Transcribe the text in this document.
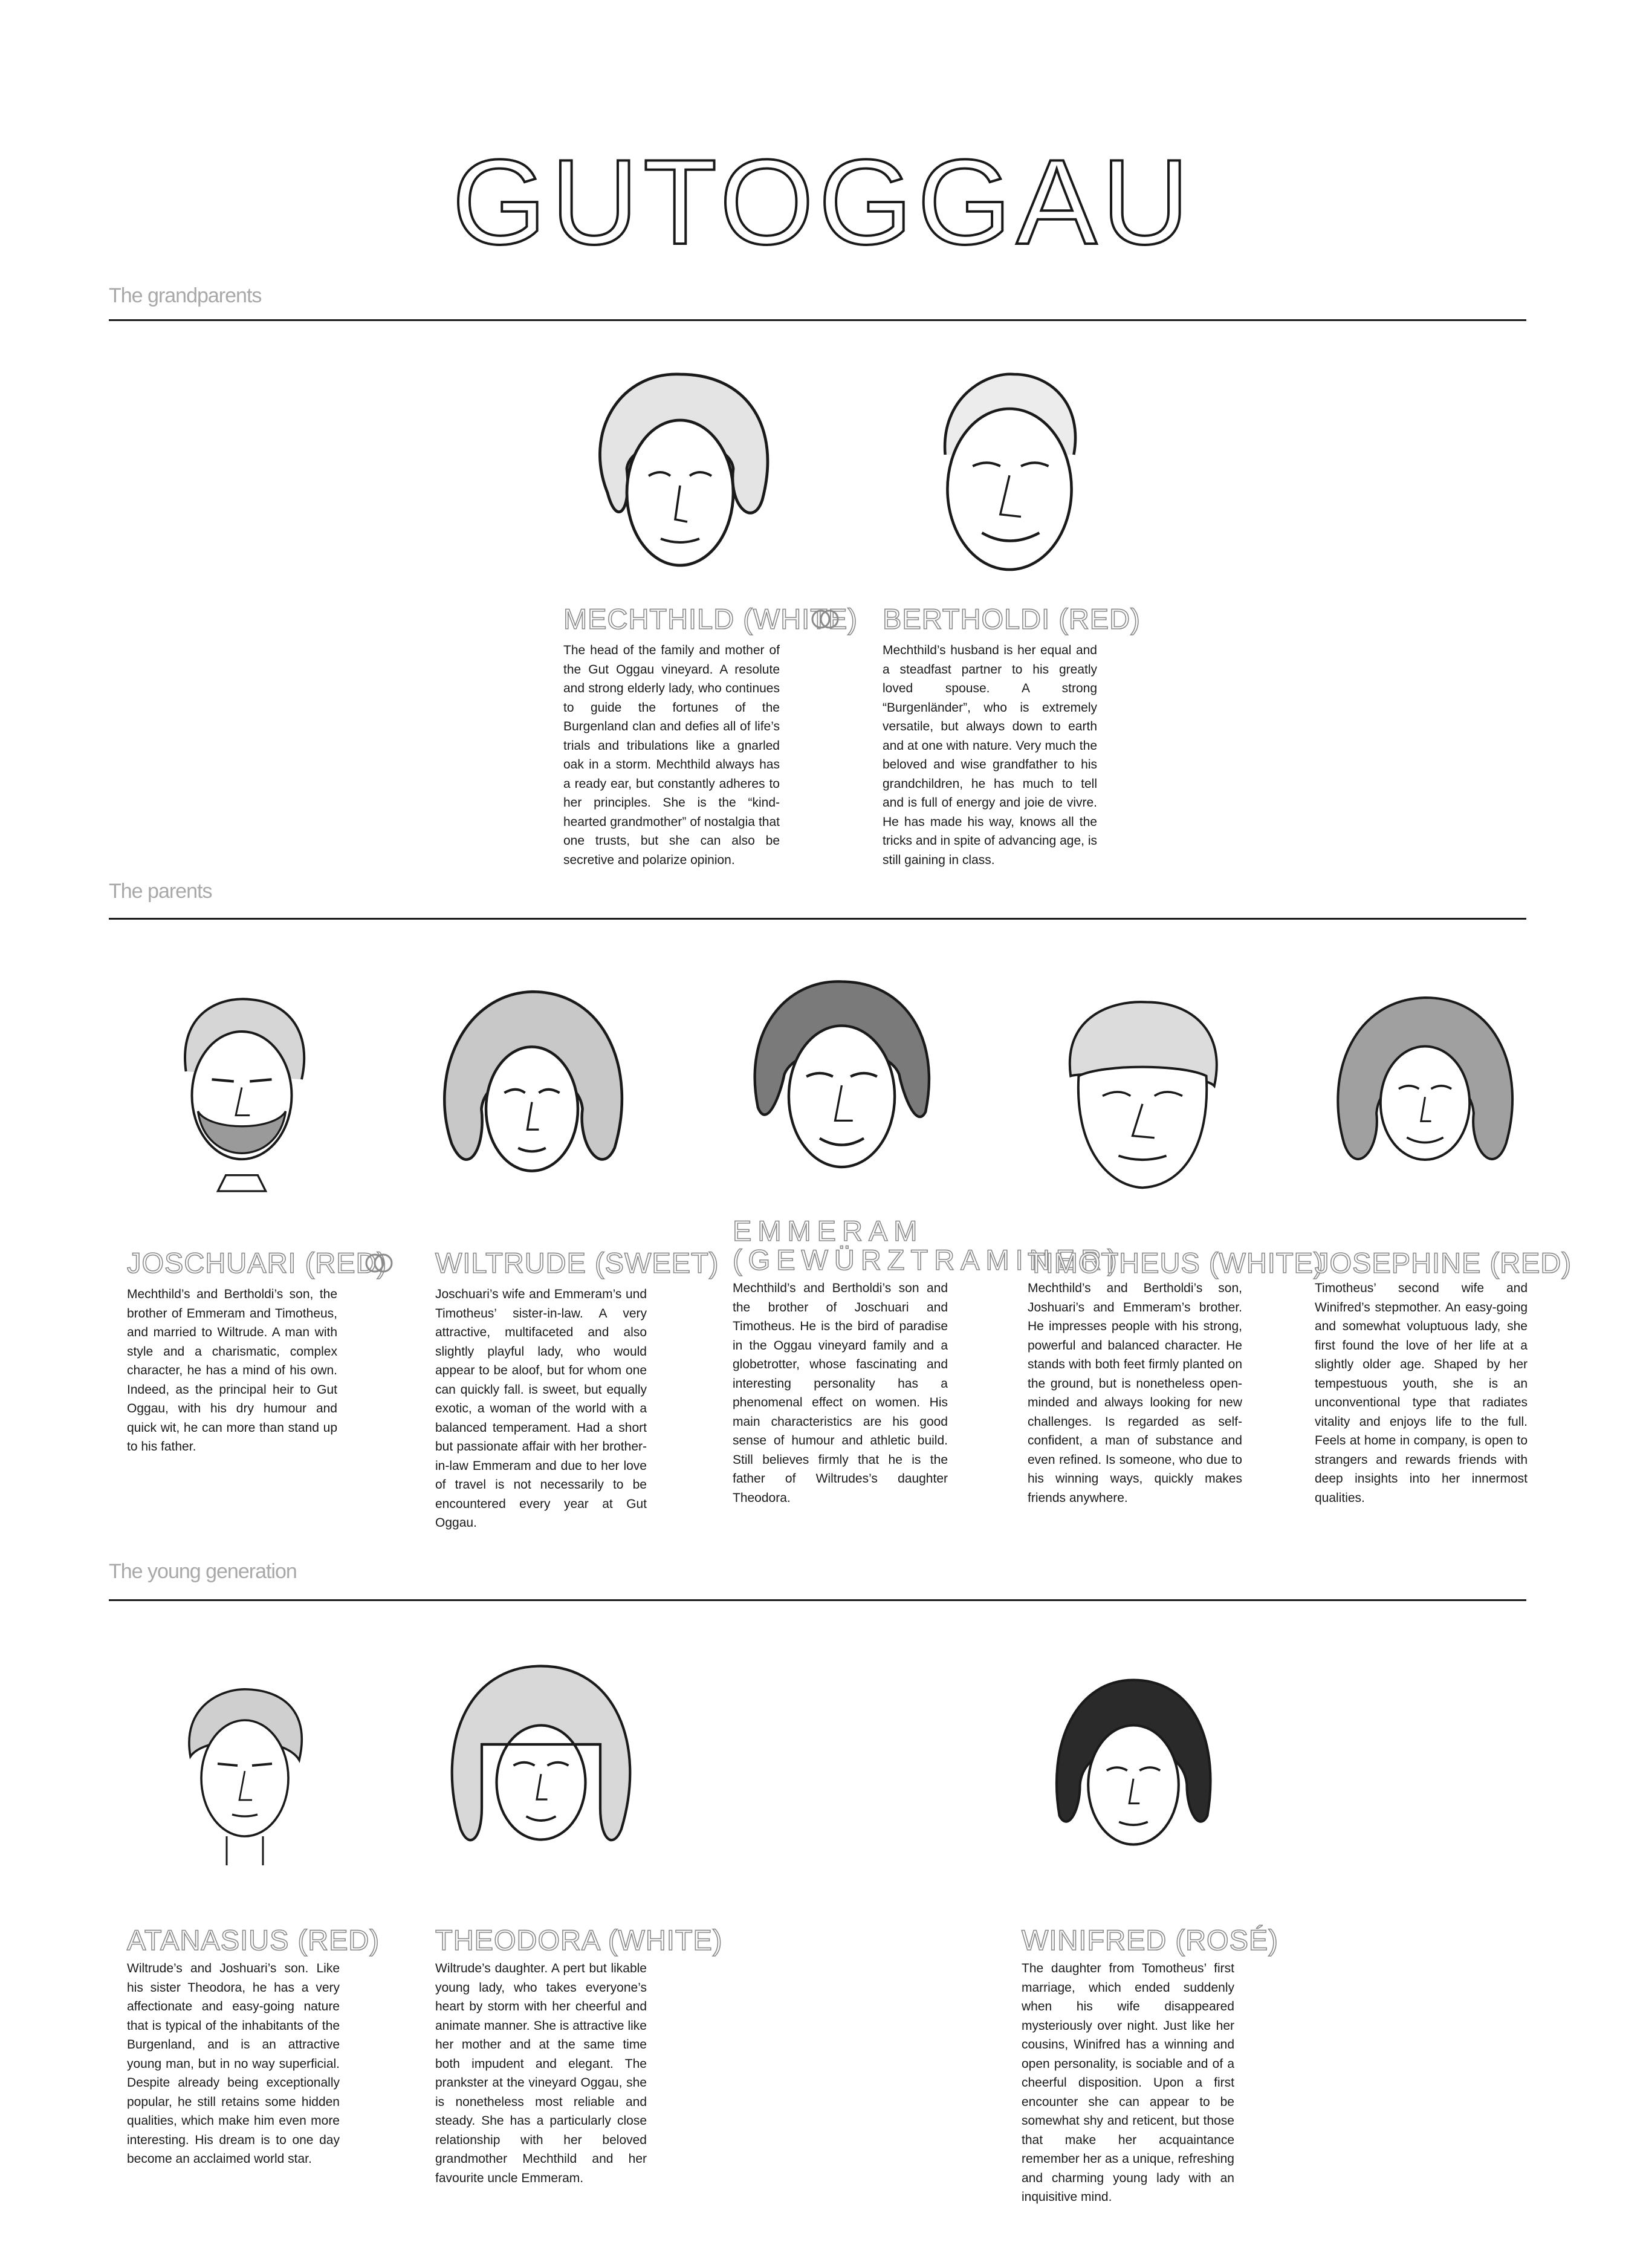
GUTOGGAU
The grandparents
MECHTHILD (WHITE)
The head of the family and mother of the Gut Oggau vineyard. A resolute and strong elderly lady, who continues to guide the fortunes of the Burgenland clan and defies all of life’s trials and tribulations like a gnarled oak in a storm. Mechthild always has a ready ear, but constantly adheres to her principles. She is the “kind-hearted grandmother” of nostalgia that one trusts, but she can also be secretive and polarize opinion.
BERTHOLDI (RED)
Mechthild’s husband is her equal and a steadfast partner to his greatly loved spouse. A strong “Burgenländer”, who is extremely versatile, but always down to earth and at one with nature. Very much the beloved and wise grandfather to his grandchildren, he has much to tell and is full of energy and joie de vivre. He has made his way, knows all the tricks and in spite of advancing age, is still gaining in class.
The parents
JOSCHUARI (RED)
Mechthild’s and Bertholdi’s son, the brother of Emmeram and Timotheus, and married to Wiltrude. A man with style and a charismatic, complex character, he has a mind of his own. Indeed, as the principal heir to Gut Oggau, with his dry humour and quick wit, he can more than stand up to his father.
WILTRUDE (SWEET)
Joschuari’s wife and Emmeram’s und Timotheus’ sister-in-law. A very attractive, multifaceted and also slightly playful lady, who would appear to be aloof, but for whom one can quickly fall. is sweet, but equally exotic, a woman of the world with a balanced temperament. Had a short but passionate affair with her brother-in-law Emmeram and due to her love of travel is not necessarily to be encountered every year at Gut Oggau.
EMMERAM (GEWÜRZTRAMINER)
Mechthild’s and Bertholdi’s son and the brother of Joschuari and Timotheus. He is the bird of paradise in the Oggau vineyard family and a globetrotter, whose fascinating and interesting personality has a phenomenal effect on women. His main characteristics are his good sense of humour and athletic build. Still believes firmly that he is the father of Wiltrudes’s daughter Theodora.
TIMOTHEUS (WHITE)
Mechthild’s and Bertholdi’s son, Joshuari’s and Emmeram’s brother. He impresses people with his strong, powerful and balanced character. He stands with both feet firmly planted on the ground, but is nonetheless open-minded and always looking for new challenges. Is regarded as self-confident, a man of substance and even refined. Is someone, who due to his winning ways, quickly makes friends anywhere.
JOSEPHINE (RED)
Timotheus’ second wife and Winifred’s stepmother. An easy-going and somewhat voluptuous lady, she first found the love of her life at a slightly older age. Shaped by her tempestuous youth, she is an unconventional type that radiates vitality and enjoys life to the full. Feels at home in company, is open to strangers and rewards friends with deep insights into her innermost qualities.
The young generation
ATANASIUS (RED)
Wiltrude’s and Joshuari’s son. Like his sister Theodora, he has a very affectionate and easy-going nature that is typical of the inhabitants of the Burgenland, and is an attractive young man, but in no way superficial. Despite already being exceptionally popular, he still retains some hidden qualities, which make him even more interesting. His dream is to one day become an acclaimed world star.
THEODORA (WHITE)
Wiltrude’s daughter. A pert but likable young lady, who takes everyone’s heart by storm with her cheerful and animate manner. She is attractive like her mother and at the same time both impudent and elegant. The prankster at the vineyard Oggau, she is nonetheless most reliable and steady. She has a particularly close relationship with her beloved grandmother Mechthild and her favourite uncle Emmeram.
WINIFRED (ROSÉ)
The daughter from Tomotheus’ first marriage, which ended suddenly when his wife disappeared mysteriously over night. Just like her cousins, Winifred has a winning and open personality, is sociable and of a cheerful disposition. Upon a first encounter she can appear to be somewhat shy and reticent, but those that make her acquaintance remember her as a unique, refreshing and charming young lady with an inquisitive mind.
